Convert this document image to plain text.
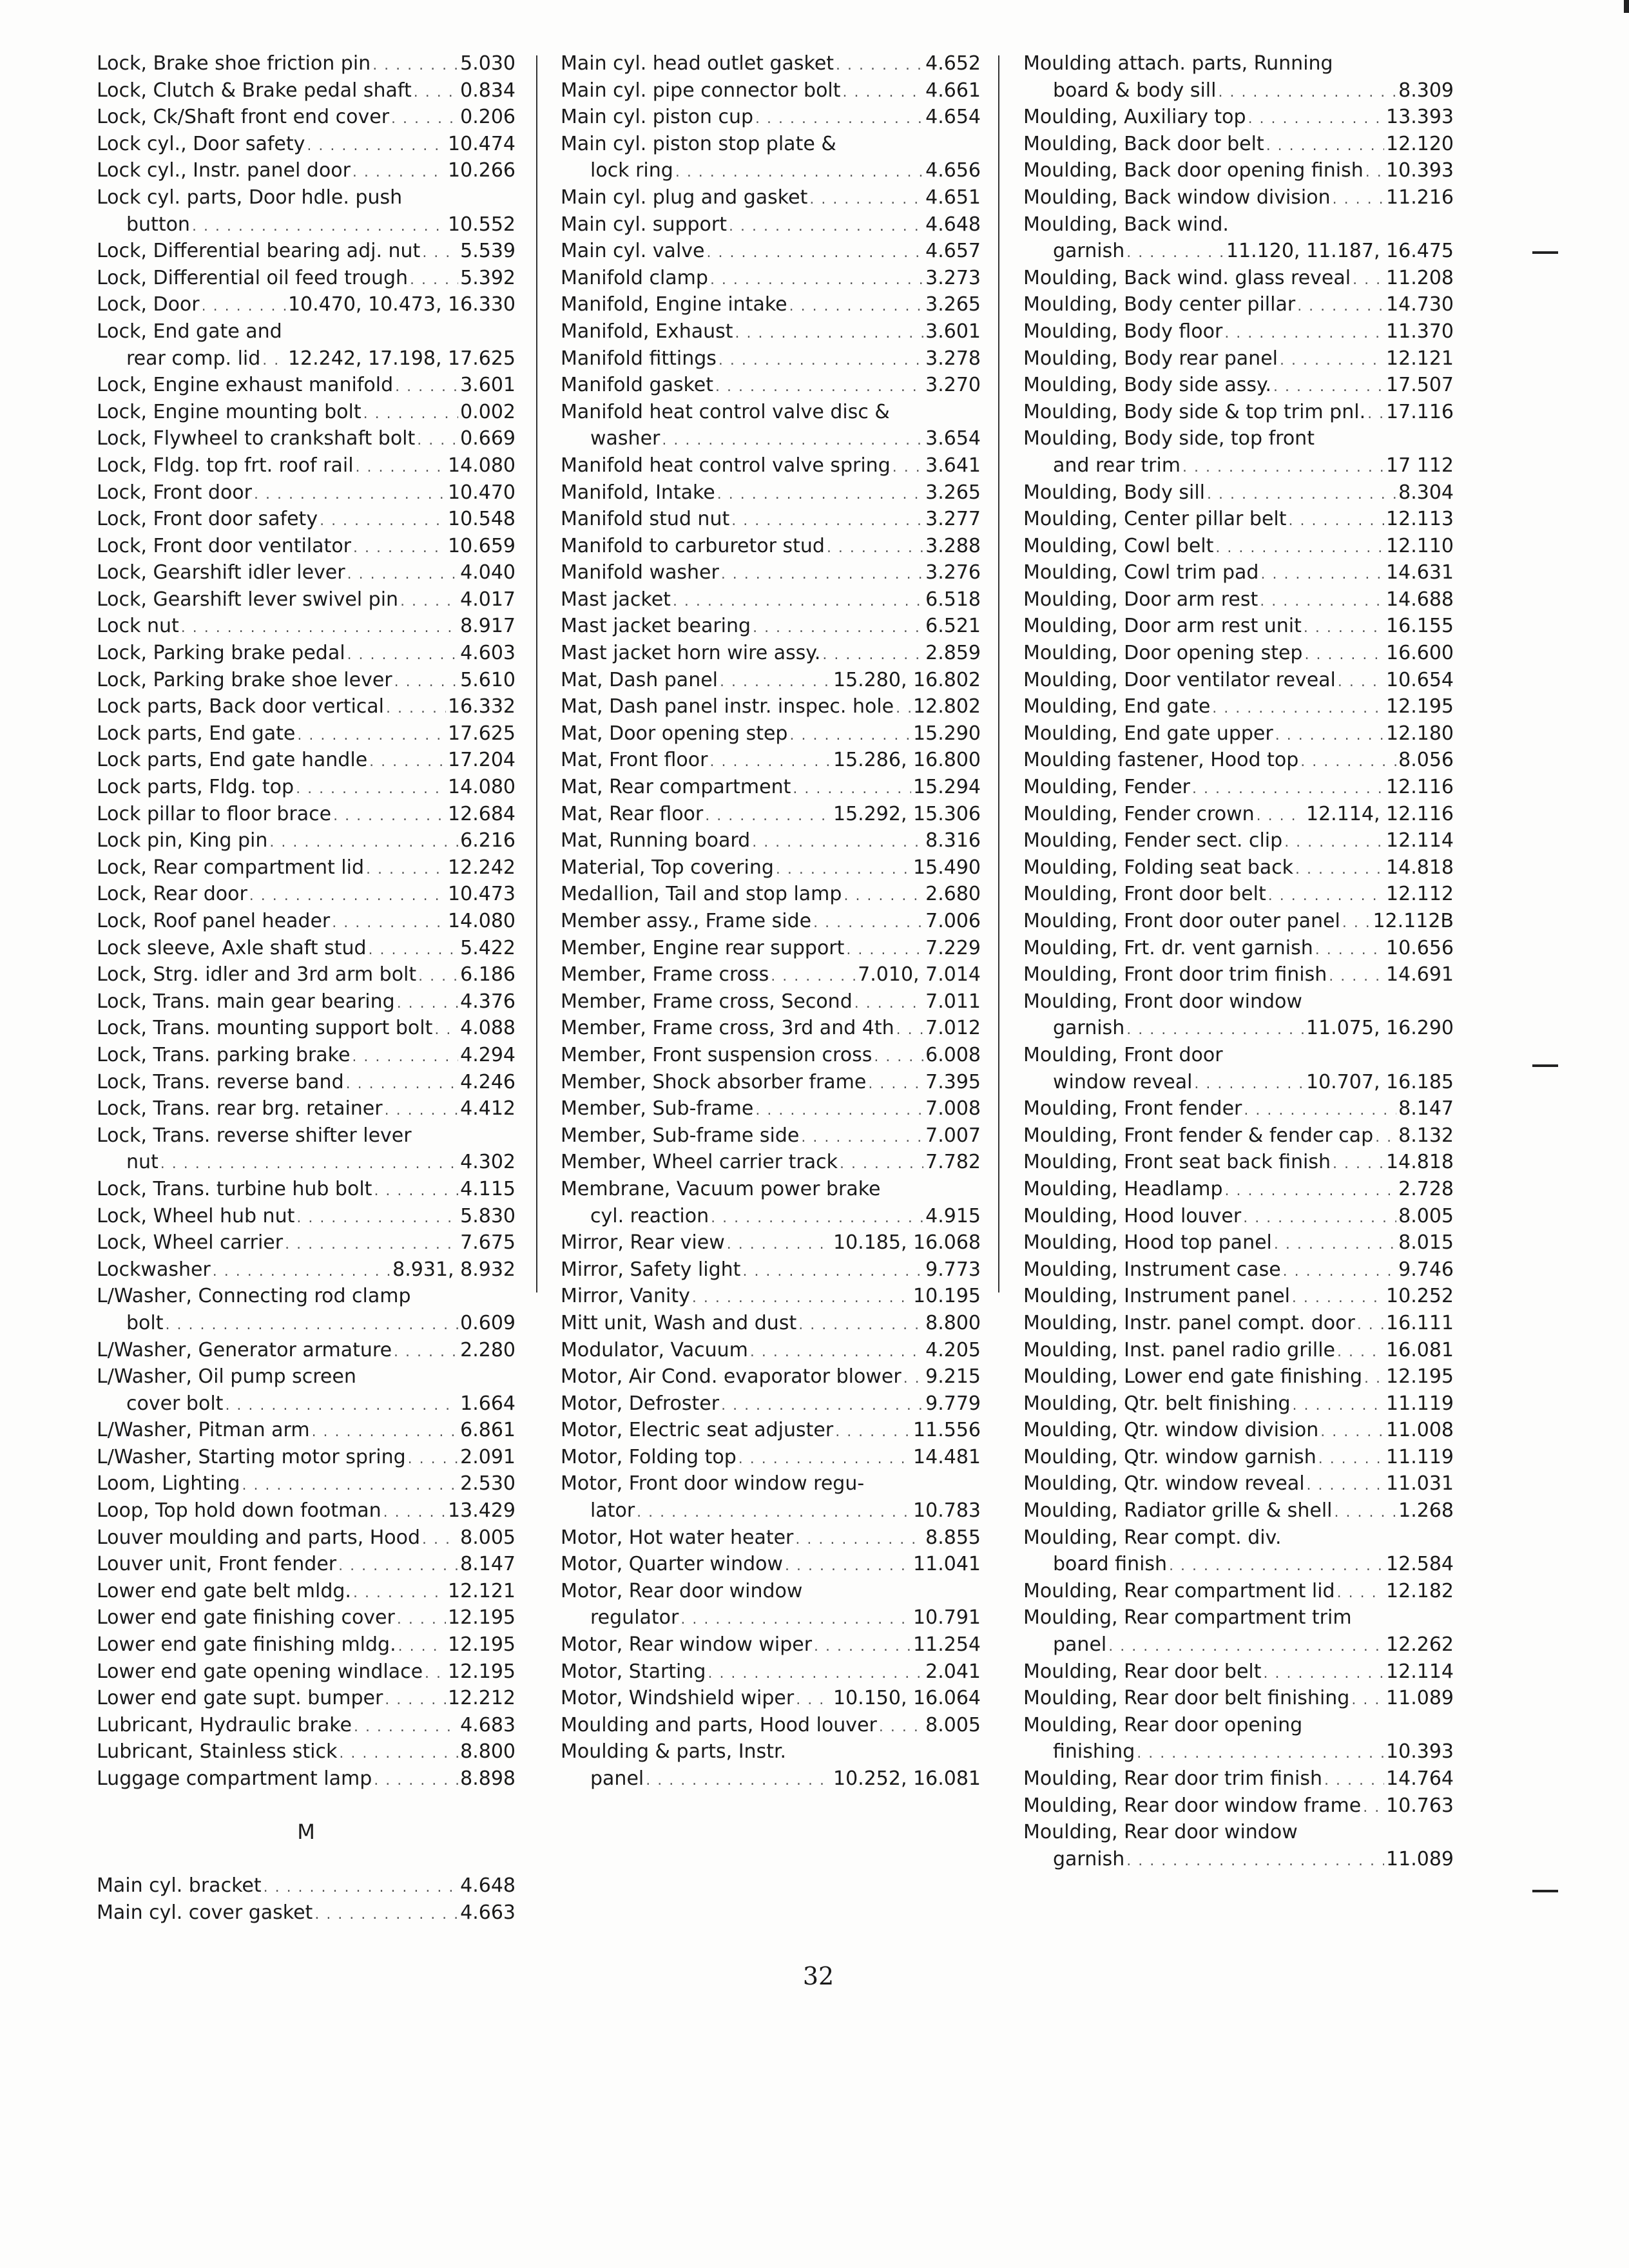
Lock, Brake shoe friction pin . . .	5.030
Lock, Clutch & Brake pedal shaft . . .	0.834
Lock, Ck/Shaft front end cover . . .	0.206
Lock cyl., Door safety . . .	10.474
Lock cyl., Instr. panel door . . .	10.266
Lock cyl. parts, Door hdle. push
button . . .	10.552
Lock, Differential bearing adj. nut . . . 5.539
Lock, Differential oil feed trough . . .	5.392
Lock, Door . . .	10.470, 10.473, 16.330
Lock, End gate and
rear comp. lid . . . 12.242, 17.198, 17.625
Lock, Engine exhaust manifold . . .	3.601
Lock, Engine mounting bolt . . .	0.002
Lock, Flywheel to crankshaft bolt . . . 0.669
Lock, Fldg. top frt. roof rail . . .	14.080
Lock, Front door . . .	10.470
Lock, Front door safety . . .	10.548
Lock, Front door ventilator . . .	10.659
Lock, Gearshift idler lever . . .	4.040
Lock, Gearshift lever swivel pin . . .	4.017
Lock nut . . .	8.917
Lock, Parking brake pedal . . .	4.603
Lock, Parking brake shoe lever . . .	5.610
Lock parts, Back door vertical . . .	16.332
Lock parts, End gate . . .	17.625
Lock parts, End gate handle . . .	17.204
Lock parts, Fldg. top . . .	14.080
Lock pillar to floor brace . . .	12.684
Lock pin, King pin . . .	6.216
Lock, Rear compartment lid . . .	12.242
Lock, Rear door . . .	10.473
Lock, Roof panel header . . .	14.080
Lock sleeve, Axle shaft stud . . .	5.422
Lock, Strg. idler and 3rd arm bolt . . . 6.186
Lock, Trans. main gear bearing . . .	4.376
Lock, Trans. mounting support bolt . . . 4.088
Lock, Trans. parking brake . . .	4.294
Lock, Trans. reverse band . . .	4.246
Lock, Trans. rear brg. retainer . . .	4.412
Lock, Trans. reverse shifter lever
nut . . .	4.302
Lock, Trans. turbine hub bolt . . .	4.115
Lock, Wheel hub nut . . .	5.830
Lock, Wheel carrier . . .	7.675
Lockwasher . . .	8.931, 8.932
L/Washer, Connecting rod clamp
bolt . . .	0.609
L/Washer, Generator armature . . .	2.280
L/Washer, Oil pump screen
cover bolt . . .	1.664
L/Washer, Pitman arm . . .	6.861
L/Washer, Starting motor spring . . .	2.091
Loom, Lighting . . .	2.530
Loop, Top hold down footman . . .	13.429
Louver moulding and parts, Hood . . . 8.005
Louver unit, Front fender . . .	8.147
Lower end gate belt mldg. . . .	12.121
Lower end gate finishing cover . . .	12.195
Lower end gate finishing mldg. . . .	12.195
Lower end gate opening windlace . . . 12.195
Lower end gate supt. bumper . . .	12.212
Lubricant, Hydraulic brake . . .	4.683
Lubricant, Stainless stick . . .	8.800
Luggage compartment lamp . . .	8.898
M
Main cyl. bracket . . .	4.648
Main cyl. cover gasket . . .	4.663
Main cyl. head outlet gasket . . .	4.652
Main cyl. pipe connector bolt . . .	4.661
Main cyl. piston cup . . .	4.654
Main cyl. piston stop plate &
lock ring . . .	4.656
Main cyl. plug and gasket . . .	4.651
Main cyl. support . . .	4.648
Main cyl. valve . . .	4.657
Manifold clamp . . .	3.273
Manifold, Engine intake . . .	3.265
Manifold, Exhaust . . .	3.601
Manifold fittings . . .	3.278
Manifold gasket . . .	3.270
Manifold heat control valve disc &
washer . . .	3.654
Manifold heat control valve spring . . . 3.641
Manifold, Intake . . .	3.265
Manifold stud nut . . .	3.277
Manifold to carburetor stud . . .	3.288
Manifold washer . . .	3.276
Mast jacket . . .	6.518
Mast jacket bearing . . .	6.521
Mast jacket horn wire assy. . . .	2.859
Mat, Dash panel . . .	15.280, 16.802
Mat, Dash panel instr. inspec. hole . . . 12.802
Mat, Door opening step . . .	15.290
Mat, Front floor . . .	15.286, 16.800
Mat, Rear compartment . . .	15.294
Mat, Rear floor . . .	15.292, 15.306
Mat, Running board . . .	8.316
Material, Top covering . . .	15.490
Medallion, Tail and stop lamp . . .	2.680
Member assy., Frame side . . .	7.006
Member, Engine rear support . . .	7.229
Member, Frame cross . . .	7.010, 7.014
Member, Frame cross, Second . . .	7.011
Member, Frame cross, 3rd and 4th . . . 7.012
Member, Front suspension cross . . .	6.008
Member, Shock absorber frame . . .	7.395
Member, Sub-frame . . .	7.008
Member, Sub-frame side . . .	7.007
Member, Wheel carrier track . . .	7.782
Membrane, Vacuum power brake
cyl. reaction . . .	4.915
Mirror, Rear view . . .	10.185, 16.068
Mirror, Safety light . . .	9.773
Mirror, Vanity . . .	10.195
Mitt unit, Wash and dust . . .	8.800
Modulator, Vacuum . . .	4.205
Motor, Air Cond. evaporator blower . . . 9.215
Motor, Defroster . . .	9.779
Motor, Electric seat adjuster . . .	11.556
Motor, Folding top . . .	14.481
Motor, Front door window regu-
lator . . .	10.783
Motor, Hot water heater . . .	8.855
Motor, Quarter window . . .	11.041
Motor, Rear door window
regulator . . .	10.791
Motor, Rear window wiper . . .	11.254
Motor, Starting . . .	2.041
Motor, Windshield wiper . . . 10.150, 16.064
Moulding and parts, Hood louver . . .	8.005
Moulding & parts, Instr.
panel . . .	10.252, 16.081
Moulding attach. parts, Running
board & body sill . . .	8.309
Moulding, Auxiliary top . . .	13.393
Moulding, Back door belt . . .	12.120
Moulding, Back door opening finish . . . 10.393
Moulding, Back window division . . .	11.216
Moulding, Back wind.
garnish . . .	11.120, 11.187, 16.475
Moulding, Back wind. glass reveal . . . 11.208
Moulding, Body center pillar . . .	14.730
Moulding, Body floor . . .	11.370
Moulding, Body rear panel . . .	12.121
Moulding, Body side assy. . . .	17.507
Moulding, Body side & top trim pnl. . . . 17.116
Moulding, Body side, top front
and rear trim . . .	17 112
Moulding, Body sill . . .	8.304
Moulding, Center pillar belt . . .	12.113
Moulding, Cowl belt . . .	12.110
Moulding, Cowl trim pad . . .	14.631
Moulding, Door arm rest . . .	14.688
Moulding, Door arm rest unit . . .	16.155
Moulding, Door opening step . . .	16.600
Moulding, Door ventilator reveal . . .	10.654
Moulding, End gate . . .	12.195
Moulding, End gate upper . . .	12.180
Moulding fastener, Hood top . . .	8.056
Moulding, Fender . . .	12.116
Moulding, Fender crown . . .	12.114, 12.116
Moulding, Fender sect. clip . . .	12.114
Moulding, Folding seat back . . .	14.818
Moulding, Front door belt . . .	12.112
Moulding, Front door outer panel . . . 12.112B
Moulding, Frt. dr. vent garnish . . .	10.656
Moulding, Front door trim finish . . .	14.691
Moulding, Front door window
garnish . . .	11.075, 16.290
Moulding, Front door
window reveal . . .	10.707, 16.185
Moulding, Front fender . . .	8.147
Moulding, Front fender & fender cap . . . 8.132
Moulding, Front seat back finish . . .	14.818
Moulding, Headlamp . . .	2.728
Moulding, Hood louver . . .	8.005
Moulding, Hood top panel . . .	8.015
Moulding, Instrument case . . .	9.746
Moulding, Instrument panel . . .	10.252
Moulding, Instr. panel compt. door . . . 16.111
Moulding, Inst. panel radio grille . . .	16.081
Moulding, Lower end gate finishing . . . 12.195
Moulding, Qtr. belt finishing . . .	11.119
Moulding, Qtr. window division . . .	11.008
Moulding, Qtr. window garnish . . .	11.119
Moulding, Qtr. window reveal . . .	11.031
Moulding, Radiator grille & shell . . .	1.268
Moulding, Rear compt. div.
board finish . . .	12.584
Moulding, Rear compartment lid . . .	12.182
Moulding, Rear compartment trim
panel . . .	12.262
Moulding, Rear door belt . . .	12.114
Moulding, Rear door belt finishing . . . 11.089
Moulding, Rear door opening
finishing . . .	10.393
Moulding, Rear door trim finish . . .	14.764
Moulding, Rear door window frame . . . 10.763
Moulding, Rear door window
garnish . . .	11.089
32
